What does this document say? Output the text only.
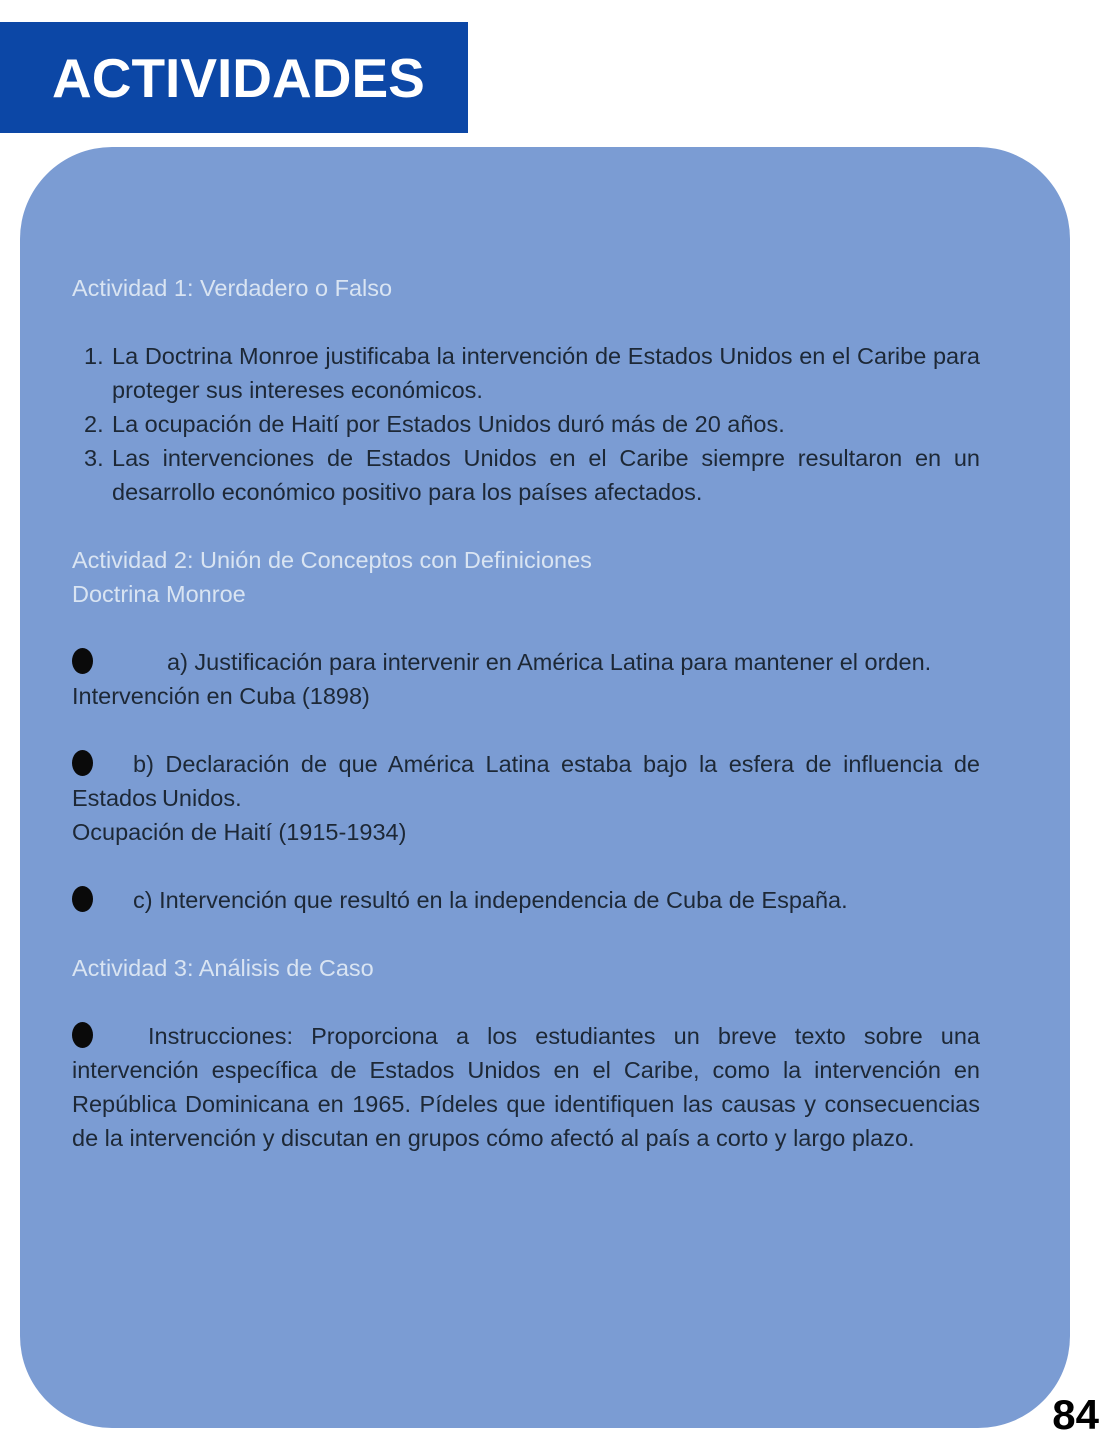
ACTIVIDADES

Actividad 1: Verdadero o Falso

La Doctrina Monroe justificaba la intervención de Estados Unidos en el Caribe para proteger sus intereses económicos.
La ocupación de Haití por Estados Unidos duró más de 20 años.
Las intervenciones de Estados Unidos en el Caribe siempre resultaron en un desarrollo económico positivo para los países afectados.

Actividad 2: Unión de Conceptos con Definiciones

Doctrina Monroe

a) Justificación para intervenir en América Latina para mantener el orden.

Intervención en Cuba (1898)

b) Declaración de que América Latina estaba bajo la esfera de influencia de Estados Unidos.

Ocupación de Haití (1915-1934)

c) Intervención que resultó en la independencia de Cuba de España.

Actividad 3: Análisis de Caso

Instrucciones: Proporciona a los estudiantes un breve texto sobre una intervención específica de Estados Unidos en el Caribe, como la intervención en República Dominicana en 1965. Pídeles que identifiquen las causas y consecuencias de la intervención y discutan en grupos cómo afectó al país a corto y largo plazo.

84
